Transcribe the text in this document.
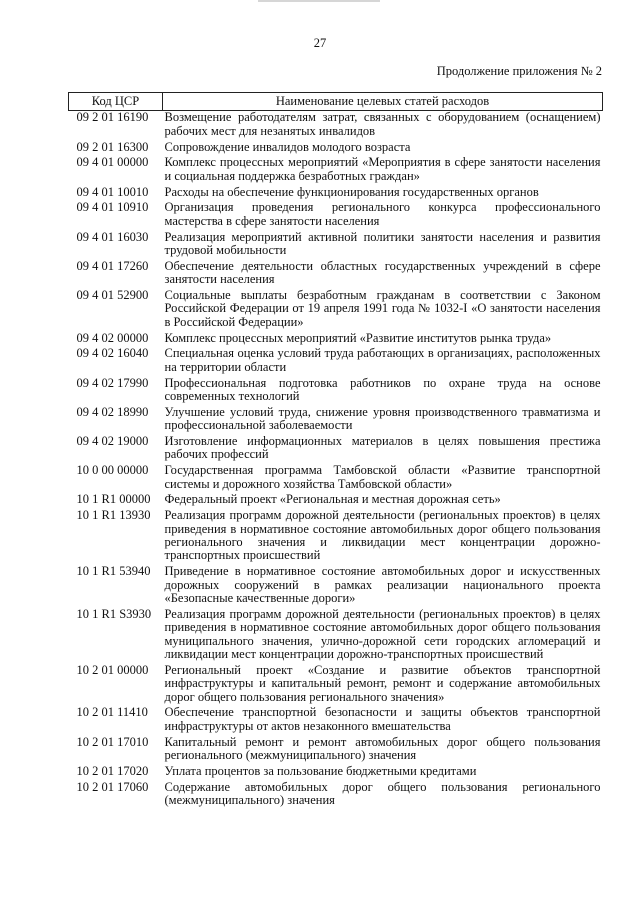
27
Продолжение приложения № 2
Код ЦСР	Наименование целевых статей расходов
09 2 01 16190	Возмещение работодателям затрат, связанных с оборудованием (оснащением) рабочих мест для незанятых инвалидов
09 2 01 16300	Сопровождение инвалидов молодого возраста
09 4 01 00000	Комплекс процессных мероприятий «Мероприятия в сфере занятости населения и социальная поддержка безработных граждан»
09 4 01 10010	Расходы на обеспечение функционирования государственных органов
09 4 01 10910	Организация проведения регионального конкурса профессионального мастерства в сфере занятости населения
09 4 01 16030	Реализация мероприятий активной политики занятости населения и развития трудовой мобильности
09 4 01 17260	Обеспечение деятельности областных государственных учреждений в сфере занятости населения
09 4 01 52900	Социальные выплаты безработным гражданам в соответствии с Законом Российской Федерации от 19 апреля 1991 года № 1032-I «О занятости населения в Российской Федерации»
09 4 02 00000	Комплекс процессных мероприятий «Развитие институтов рынка труда»
09 4 02 16040	Специальная оценка условий труда работающих в организациях, расположенных на территории области
09 4 02 17990	Профессиональная подготовка работников по охране труда на основе современных технологий
09 4 02 18990	Улучшение условий труда, снижение уровня производственного травматизма и профессиональной заболеваемости
09 4 02 19000	Изготовление информационных материалов в целях повышения престижа рабочих профессий
10 0 00 00000	Государственная программа Тамбовской области «Развитие транспортной системы и дорожного хозяйства Тамбовской области»
10 1 R1 00000	Федеральный проект «Региональная и местная дорожная сеть»
10 1 R1 13930	Реализация программ дорожной деятельности (региональных проектов) в целях приведения в нормативное состояние автомобильных дорог общего пользования регионального значения и ликвидации мест концентрации дорожно-транспортных происшествий
10 1 R1 53940	Приведение в нормативное состояние автомобильных дорог и искусственных дорожных сооружений в рамках реализации национального проекта «Безопасные качественные дороги»
10 1 R1 S3930	Реализация программ дорожной деятельности (региональных проектов) в целях приведения в нормативное состояние автомобильных дорог общего пользования муниципального значения, улично-дорожной сети городских агломераций и ликвидации мест концентрации дорожно-транспортных происшествий
10 2 01 00000	Региональный проект «Создание и развитие объектов транспортной инфраструктуры и капитальный ремонт, ремонт и содержание автомобильных дорог общего пользования регионального значения»
10 2 01 11410	Обеспечение транспортной безопасности и защиты объектов транспортной инфраструктуры от актов незаконного вмешательства
10 2 01 17010	Капитальный ремонт и ремонт автомобильных дорог общего пользования регионального (межмуниципального) значения
10 2 01 17020	Уплата процентов за пользование бюджетными кредитами
10 2 01 17060	Содержание автомобильных дорог общего пользования регионального (межмуниципального) значения
